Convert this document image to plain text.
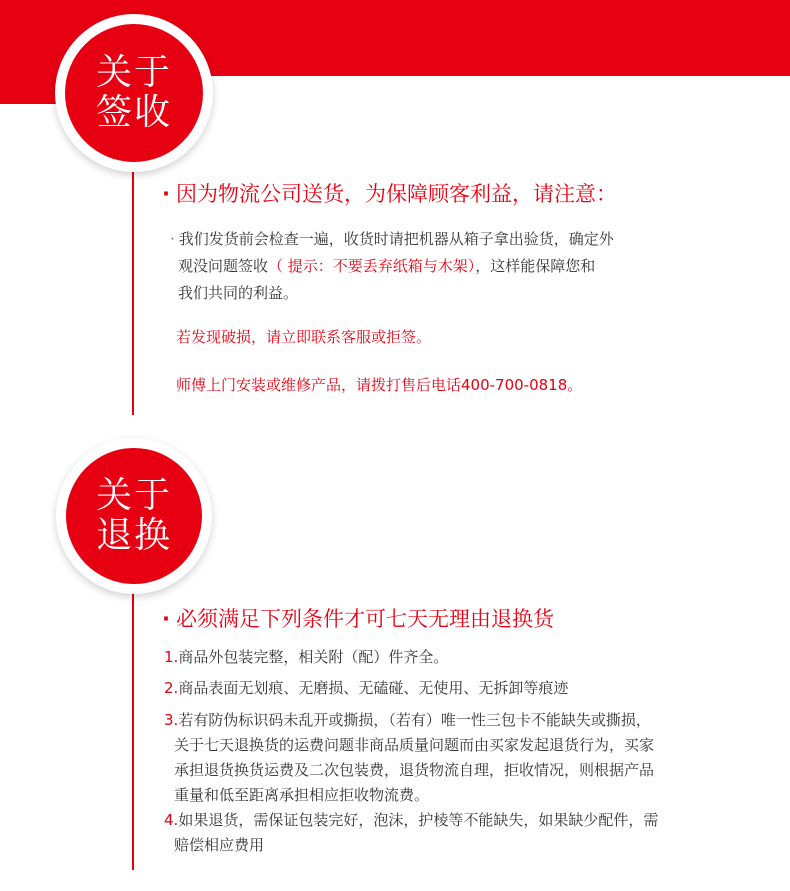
关于
签收
· 因为物流公司送货，为保障顾客利益，请注意：
· 我们发货前会检查一遍，收货时请把机器从箱子拿出验货，确定外
观没问题签收（ 提示：不要丢弃纸箱与木架），这样能保障您和
我们共同的利益。
若发现破损，请立即联系客服或拒签。
师傅上门安装或维修产品，请拨打售后电话400-700-0818。
关于
退换
· 必须满足下列条件才可七天无理由退换货
1.商品外包装完整，相关附（配）件齐全。
2.商品表面无划痕、无磨损、无磕碰、无使用、无拆卸等痕迹
3.若有防伪标识码未乱开或撕损，（若有）唯一性三包卡不能缺失或撕损，
关于七天退换货的运费问题非商品质量问题而由买家发起退货行为，买家
承担退货换货运费及二次包装费，退货物流自理，拒收情况，则根据产品
重量和低至距离承担相应拒收物流费。
4.如果退货，需保证包装完好，泡沫，护棱等不能缺失，如果缺少配件，需
赔偿相应费用
